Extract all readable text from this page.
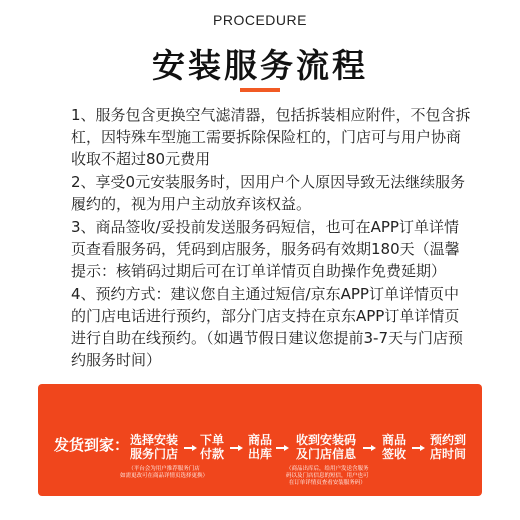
PROCEDURE
安装服务流程
1、服务包含更换空气滤清器，包括拆装相应附件，不包含拆杠，因特殊车型施工需要拆除保险杠的，门店可与用户协商收取不超过80元费用
2、享受0元安装服务时，因用户个人原因导致无法继续服务履约的，视为用户主动放弃该权益。
3、商品签收/妥投前发送服务码短信，也可在APP订单详情页查看服务码，凭码到店服务，服务码有效期180天（温馨提示：核销码过期后可在订单详情页自助操作免费延期）
4、预约方式：建议您自主通过短信/京东APP订单详情页中的门店电话进行预约，部分门店支持在京东APP订单详情页进行自助在线预约。（如遇节假日建议您提前3-7天与门店预约服务时间）
发货到家： 选择安装
服务门店
下单
付款
商品
出库
收到安装码
及门店信息
商品
签收
预约到
店时间
（平台会为用户推荐服务门店
如需更改可在商品详情页选择更换）
（商品出库后，给用户发送含服务
码以及门店信息的短信，用户也可
在订单详情页查看安装服务码）
